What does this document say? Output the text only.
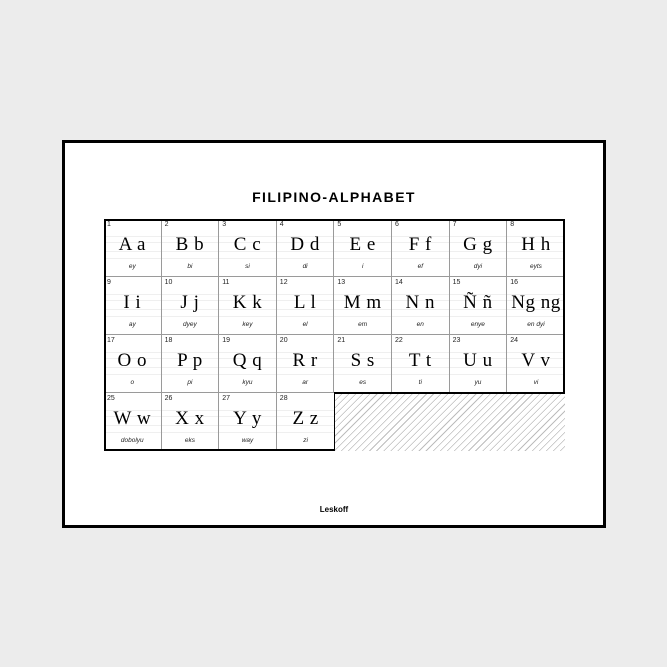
FILIPINO-ALPHABET
1
A a
ey
2
B b
bi
3
C c
si
4
D d
di
5
E e
i
6
F f
ef
7
G g
dyi
8
H h
eyts
9
I i
ay
10
J j
dyey
11
K k
key
12
L l
el
13
M m
em
14
N n
en
15
Ñ ñ
enye
16
Ng ng
en dyi
17
O o
o
18
P p
pi
19
Q q
kyu
20
R r
ar
21
S s
es
22
T t
ti
23
U u
yu
24
V v
vi
25
W w
dobolyu
26
X x
eks
27
Y y
way
28
Z z
zi
Leskoff
